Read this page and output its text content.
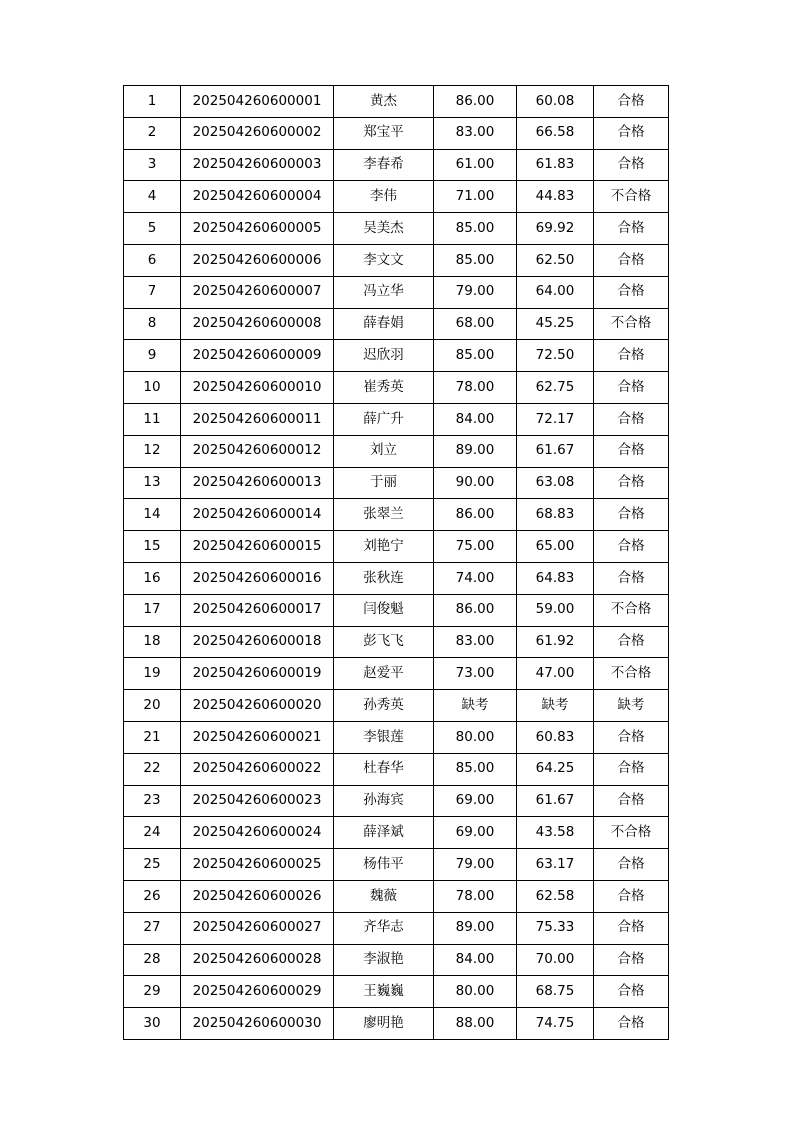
1	202504260600001	黄杰	86.00	60.08	合格
2	202504260600002	郑宝平	83.00	66.58	合格
3	202504260600003	李春希	61.00	61.83	合格
4	202504260600004	李伟	71.00	44.83	不合格
5	202504260600005	吴美杰	85.00	69.92	合格
6	202504260600006	李文文	85.00	62.50	合格
7	202504260600007	冯立华	79.00	64.00	合格
8	202504260600008	薛春娟	68.00	45.25	不合格
9	202504260600009	迟欣羽	85.00	72.50	合格
10	202504260600010	崔秀英	78.00	62.75	合格
11	202504260600011	薛广升	84.00	72.17	合格
12	202504260600012	刘立	89.00	61.67	合格
13	202504260600013	于丽	90.00	63.08	合格
14	202504260600014	张翠兰	86.00	68.83	合格
15	202504260600015	刘艳宁	75.00	65.00	合格
16	202504260600016	张秋连	74.00	64.83	合格
17	202504260600017	闫俊魁	86.00	59.00	不合格
18	202504260600018	彭飞飞	83.00	61.92	合格
19	202504260600019	赵爱平	73.00	47.00	不合格
20	202504260600020	孙秀英	缺考	缺考	缺考
21	202504260600021	李银莲	80.00	60.83	合格
22	202504260600022	杜春华	85.00	64.25	合格
23	202504260600023	孙海宾	69.00	61.67	合格
24	202504260600024	薛泽斌	69.00	43.58	不合格
25	202504260600025	杨伟平	79.00	63.17	合格
26	202504260600026	魏薇	78.00	62.58	合格
27	202504260600027	齐华志	89.00	75.33	合格
28	202504260600028	李淑艳	84.00	70.00	合格
29	202504260600029	王巍巍	80.00	68.75	合格
30	202504260600030	廖明艳	88.00	74.75	合格
